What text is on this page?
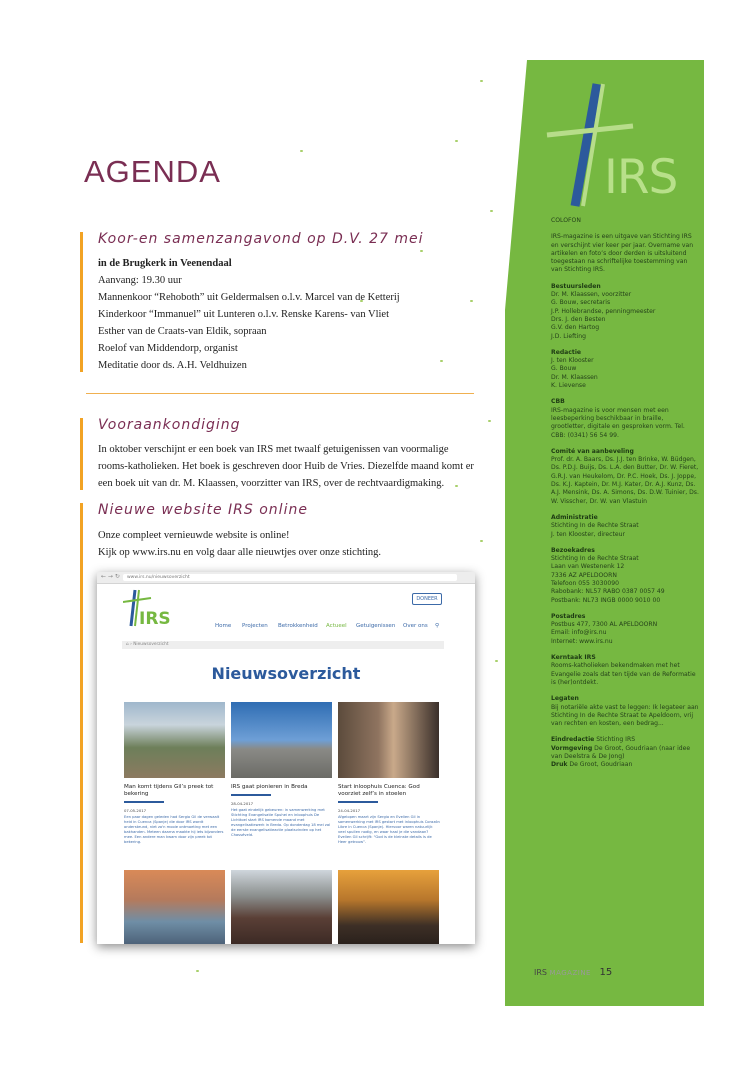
AGENDA
Koor-en samenzangavond op D.V. 27 mei
in de Brugkerk in Veenendaal
Aanvang: 19.30 uur
Mannenkoor “Rehoboth” uit Geldermalsen o.l.v. Marcel van de Ketterij
Kinderkoor “Immanuel” uit Lunteren o.l.v. Renske Karens- van Vliet
Esther van de Craats-van Eldik, sopraan
Roelof van Middendorp, organist
Meditatie door ds. A.H. Veldhuizen
Vooraankondiging
In oktober verschijnt er een boek van IRS met twaalf getuigenissen van voormalige
rooms-katholieken. Het boek is geschreven door Huib de Vries. Diezelfde maand komt er
een boek uit van dr. M. Klaassen, voorzitter van IRS, over de rechtvaardigmaking.
Nieuwe website IRS online
Onze compleet vernieuwde website is online!
Kijk op www.irs.nu en volg daar alle nieuwtjes over onze stichting.
← → ↻	www.irs.nu/nieuwsoverzicht
IRS
DONEER
Home Projecten Betrokkenheid Actueel Getuigenissen Over ons ⚲
⌂ › Nieuwsoverzicht
Nieuwsoverzicht
Man komt tijdens Gil’s preek tot bekering
IRS gaat pionieren in Breda	Start inloophuis Cuenca: God voorziet zelf’s in stoelen
07-05-2017
28-04-2017
24-04-2017
Een paar dagen geleden had Sergio Gil de verwaalt heid in Cuenca (Spanje) die door IRS wordt ondersteund, niet zo'n mooie ontmoeting met een bakhanden. Meteen daarna maakte hij iets bijzonders mee. Een andere man kwam door zijn preek tot bekering.
Het gaat eindelijk gebeuren: in samenwerking met Stichting Evangelisatie Spuhei en inloophuis De Lichttoel start IRS komende maand met evangelisatiewerk in Breda. Op donderdag 18 mei zal de eerste evangelisatieactie plaatsvinden op het Chasséveld.
Afgelopen maart zijn Sergio en Evelien Gil in samenwerking met IRS gestart met inloophuis Corazón Libre in Cuenca (Spanje). Hiervoor waren natuurlijk veel spullen nodig, en waar haal je die vandaan? Evelien Gil schrijft: “God is de kleinste details is de Heer getrouw”.
IRS

COLOFON

IRS-magazine is een uitgave van Stichting IRS en verschijnt vier keer per jaar. Overname van artikelen en foto’s door derden is uitsluitend toegestaan na schriftelijke toestemming van van Stichting IRS.

Bestuursleden

Dr. M. Klaassen, voorzitter

G. Bouw, secretaris

J.P. Hollebrandse, penningmeester

Drs. J. den Besten

G.V. den Hartog

J.D. Liefting

Redactie

J. ten Klooster

G. Bouw

Dr. M. Klaassen

K. Lievense

CBB

IRS-magazine is voor mensen met een leesbeperking beschikbaar in braille, grootletter, digitale en gesproken vorm. Tel. CBB: (0341) 56 54 99.

Comité van aanbeveling

Prof. dr. A. Baars, Ds. J.J. ten Brinke, W. Büdgen, Ds. P.D.J. Buijs, Ds. L.A. den Butter, Dr. W. Fieret, G.R.J. van Heukelom, Dr. P.C. Hoek, Ds. J. Joppe, Ds. K.J. Kaptein, Dr. M.J. Kater, Dr. A.J. Kunz, Ds. A.J. Mensink, Ds. A. Simons, Ds. D.W. Tuinier, Ds. W. Visscher, Dr. W. van Vlastuin

Administratie

Stichting In de Rechte Straat

J. ten Klooster, directeur

Bezoekadres

Stichting In de Rechte Straat

Laan van Westenenk 12

7336 AZ APELDOORN

Telefoon 055 3030090

Rabobank: NL57 RABO 0387 0057 49

Postbank: NL73 INGB 0000 9010 00

Postadres

Postbus 477, 7300 AL APELDOORN

Email: info@irs.nu

Internet: www.irs.nu

Kerntaak IRS

Rooms-katholieken bekendmaken met het Evangelie zoals dat ten tijde van de Reformatie is (her)ontdekt.

Legaten

Bij notariële akte vast te leggen: Ik legateer aan Stichting In de Rechte Straat te Apeldoorn, vrij van rechten en kosten, een bedrag...

Eindredactie Stichting IRS

Vormgeving De Groot, Goudriaan (naar idee van Deelstra & De Jong)

Druk De Groot, Goudriaan

IRS MAGAZINE 15
